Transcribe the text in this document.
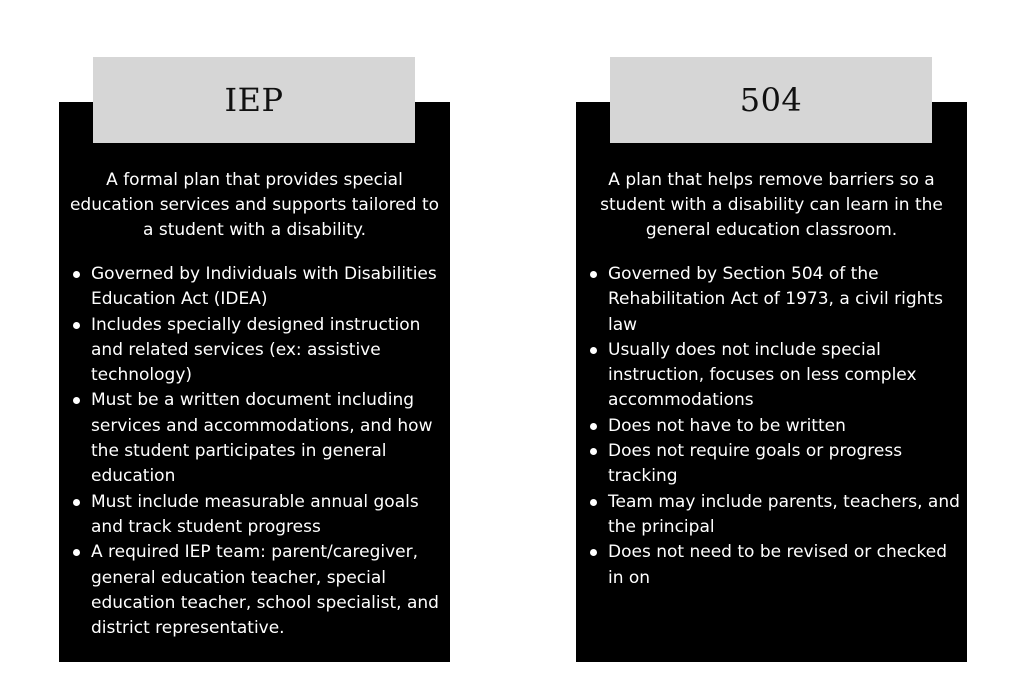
A formal plan that provides special education services and supports tailored to a student with a disability.
Governed by Individuals with Disabilities Education Act (IDEA)
Includes specially designed instruction and related services (ex: assistive technology)
Must be a written document including services and accommodations, and how the student participates in general education
Must include measurable annual goals and track student progress
A required IEP team: parent/caregiver, general education teacher, special education teacher, school specialist, and district representative.
IEP
A plan that helps remove barriers so a student with a disability can learn in the general education classroom.
Governed by Section 504 of the Rehabilitation Act of 1973, a civil rights law
Usually does not include special instruction, focuses on less complex accommodations
Does not have to be written
Does not require goals or progress tracking
Team may include parents, teachers, and the principal
Does not need to be revised or checked in on
504
